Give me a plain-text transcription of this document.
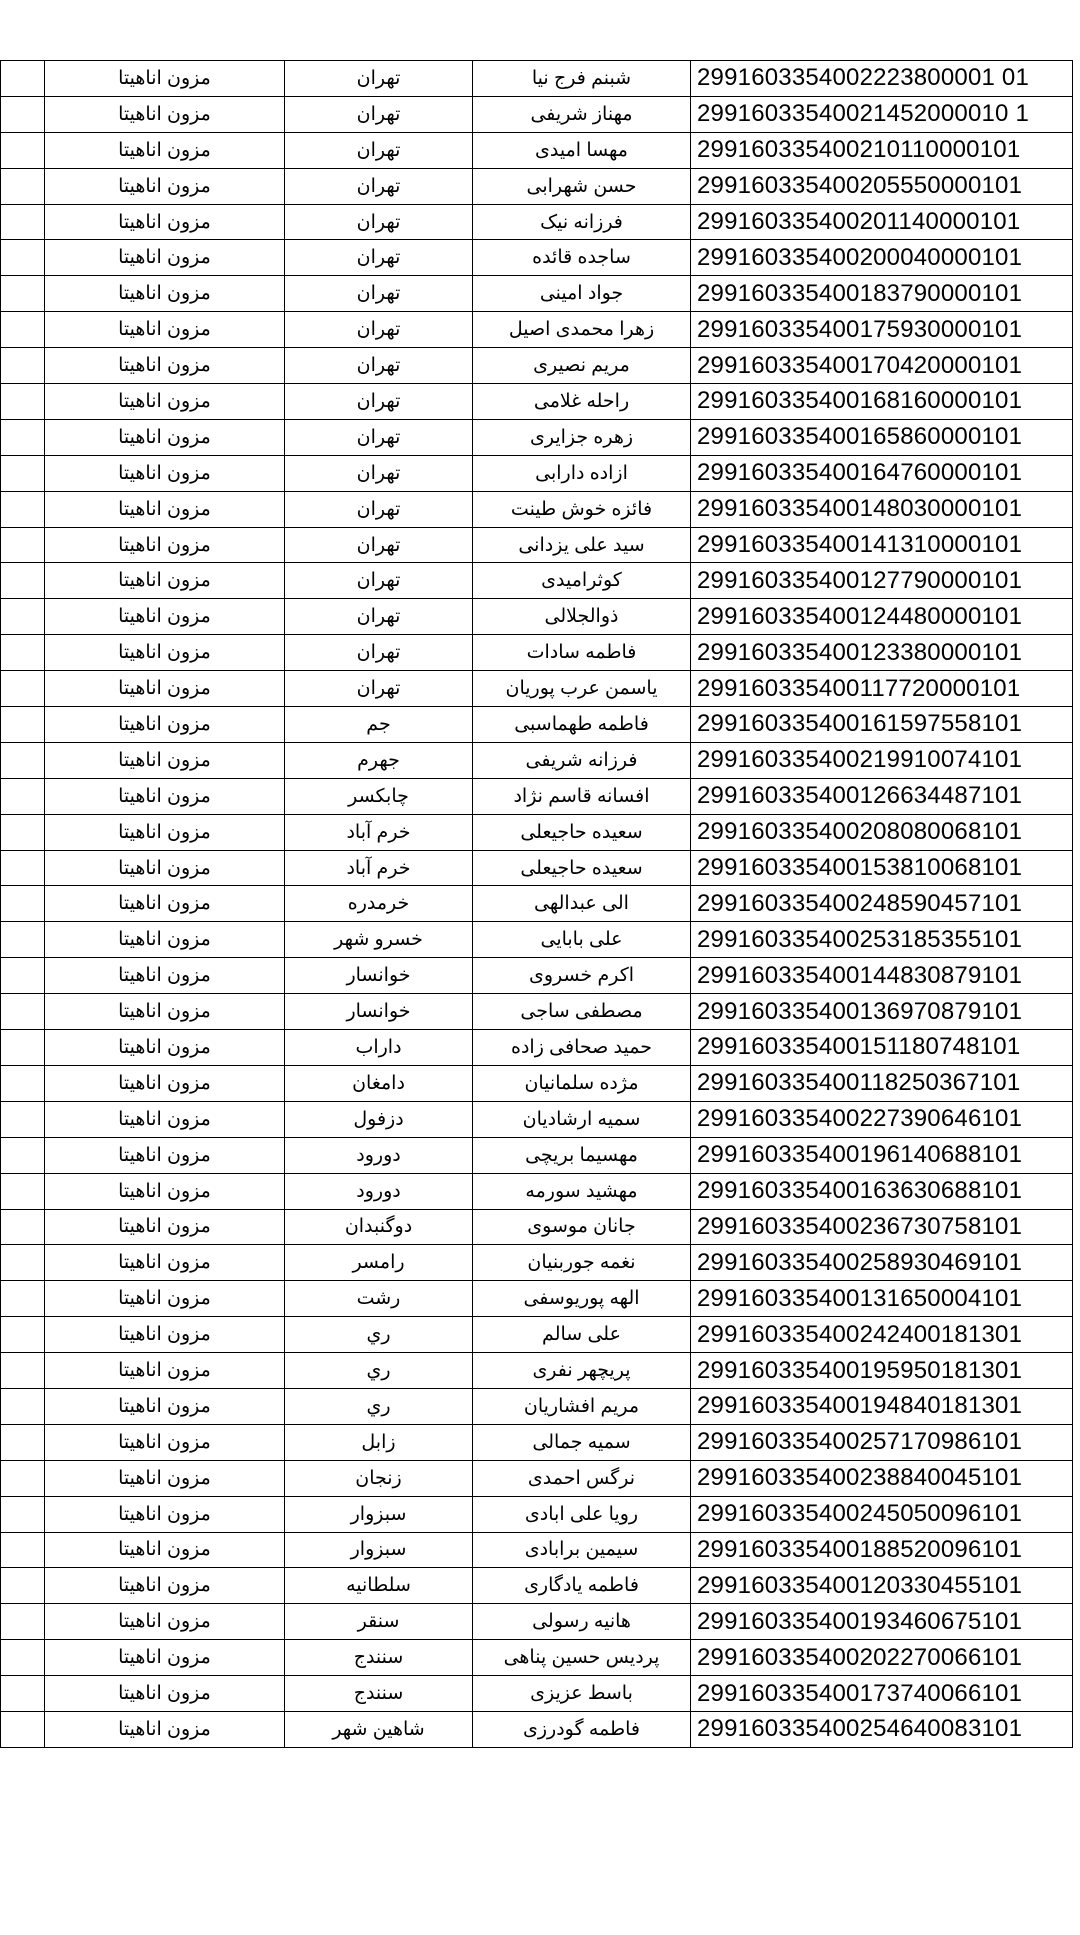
	مزون اناهیتا	تهران	شبنم فرج نیا	2991603354002223800001 01
	مزون اناهیتا	تهران	مهناز شریفی	29916033540021452000010 1
	مزون اناهیتا	تهران	مهسا امیدی	299160335400210110000101
	مزون اناهیتا	تهران	حسن شهرابی	299160335400205550000101
	مزون اناهیتا	تهران	فرزانه نیک	299160335400201140000101
	مزون اناهیتا	تهران	ساجده قائده	299160335400200040000101
	مزون اناهیتا	تهران	جواد امینی	299160335400183790000101
	مزون اناهیتا	تهران	زهرا محمدی اصیل	299160335400175930000101
	مزون اناهیتا	تهران	مریم نصیری	299160335400170420000101
	مزون اناهیتا	تهران	راحله غلامی	299160335400168160000101
	مزون اناهیتا	تهران	زهره جزایری	299160335400165860000101
	مزون اناهیتا	تهران	ازاده دارابی	299160335400164760000101
	مزون اناهیتا	تهران	فائزه خوش طینت	299160335400148030000101
	مزون اناهیتا	تهران	سید علی یزدانی	299160335400141310000101
	مزون اناهیتا	تهران	کوثرامیدی	299160335400127790000101
	مزون اناهیتا	تهران	ذوالجلالی	299160335400124480000101
	مزون اناهیتا	تهران	فاطمه سادات	299160335400123380000101
	مزون اناهیتا	تهران	یاسمن عرب پوریان	299160335400117720000101
	مزون اناهیتا	جم	فاطمه طهماسبی	299160335400161597558101
	مزون اناهیتا	جهرم	فرزانه شریفی	299160335400219910074101
	مزون اناهیتا	چابکسر	افسانه قاسم نژاد	299160335400126634487101
	مزون اناهیتا	خرم آباد	سعیده حاجیعلی	299160335400208080068101
	مزون اناهیتا	خرم آباد	سعیده حاجیعلی	299160335400153810068101
	مزون اناهیتا	خرمدره	الی عبدالهی	299160335400248590457101
	مزون اناهیتا	خسرو شهر	علی بابایی	299160335400253185355101
	مزون اناهیتا	خوانسار	اکرم خسروی	299160335400144830879101
	مزون اناهیتا	خوانسار	مصطفی ساجی	299160335400136970879101
	مزون اناهیتا	داراب	حمید صحافی زاده	299160335400151180748101
	مزون اناهیتا	دامغان	مژده سلمانیان	299160335400118250367101
	مزون اناهیتا	دزفول	سمیه ارشادیان	299160335400227390646101
	مزون اناهیتا	دورود	مهسیما بریچی	299160335400196140688101
	مزون اناهیتا	دورود	مهشید سورمه	299160335400163630688101
	مزون اناهیتا	دوگنبدان	جانان موسوی	299160335400236730758101
	مزون اناهیتا	رامسر	نغمه جوربنیان	299160335400258930469101
	مزون اناهیتا	رشت	الهه پوریوسفی	299160335400131650004101
	مزون اناهیتا	ري	علی سالم	299160335400242400181301
	مزون اناهیتا	ري	پریچهر نفری	299160335400195950181301
	مزون اناهیتا	ري	مریم افشاریان	299160335400194840181301
	مزون اناهیتا	زابل	سمیه جمالی	299160335400257170986101
	مزون اناهیتا	زنجان	نرگس احمدی	299160335400238840045101
	مزون اناهیتا	سبزوار	رویا علی ابادی	299160335400245050096101
	مزون اناهیتا	سبزوار	سیمین برابادی	299160335400188520096101
	مزون اناهیتا	سلطانیه	فاطمه یادگاری	299160335400120330455101
	مزون اناهیتا	سنقر	هانیه رسولی	299160335400193460675101
	مزون اناهیتا	سنندج	پردیس حسین پناهی	299160335400202270066101
	مزون اناهیتا	سنندج	باسط عزیزی	299160335400173740066101
	مزون اناهیتا	شاهین شهر	فاطمه گودرزی	299160335400254640083101
